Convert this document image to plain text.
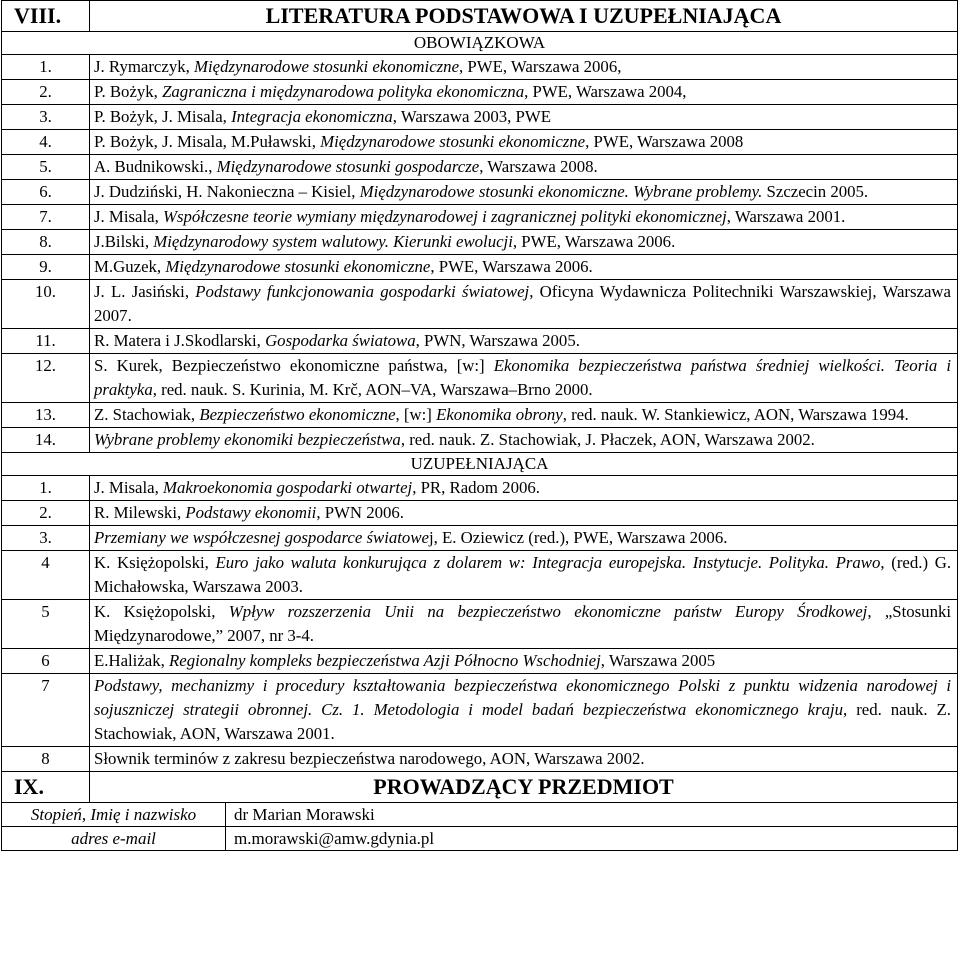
VIII.	LITERATURA PODSTAWOWA I UZUPEŁNIAJĄCA	
OBOWIĄZKOWA		
1.	J. Rymarczyk, Międzynarodowe stosunki ekonomiczne, PWE, Warszawa 2006,	
2.	P. Bożyk, Zagraniczna i międzynarodowa polityka ekonomiczna, PWE, Warszawa 2004,	
3.	P. Bożyk, J. Misala, Integracja ekonomiczna, Warszawa 2003, PWE	
4.	P. Bożyk, J. Misala, M.Puławski, Międzynarodowe stosunki ekonomiczne, PWE, Warszawa 2008	
5.	A. Budnikowski., Międzynarodowe stosunki gospodarcze, Warszawa 2008.	
6.	J. Dudziński, H. Nakonieczna – Kisiel, Międzynarodowe stosunki ekonomiczne. Wybrane problemy. Szczecin 2005.	
7.	J. Misala, Współczesne teorie wymiany międzynarodowej i zagranicznej polityki ekonomicznej, Warszawa 2001.	
8.	J.Bilski, Międzynarodowy system walutowy. Kierunki ewolucji, PWE, Warszawa 2006.	
9.	M.Guzek, Międzynarodowe stosunki ekonomiczne, PWE, Warszawa 2006.	
10.	J. L. Jasiński, Podstawy funkcjonowania gospodarki światowej, Oficyna Wydawnicza Politechniki Warszawskiej, Warszawa 2007.	
11.	R. Matera i J.Skodlarski, Gospodarka światowa, PWN, Warszawa 2005.	
12.	S. Kurek, Bezpieczeństwo ekonomiczne państwa, [w:] Ekonomika bezpieczeństwa państwa średniej wielkości. Teoria i praktyka, red. nauk. S. Kurinia, M. Krč, AON–VA, Warszawa–Brno 2000.	
13.	Z. Stachowiak, Bezpieczeństwo ekonomiczne, [w:] Ekonomika obrony, red. nauk. W. Stankiewicz, AON, Warszawa 1994.	
14.	Wybrane problemy ekonomiki bezpieczeństwa, red. nauk. Z. Stachowiak, J. Płaczek, AON, Warszawa 2002.	
UZUPEŁNIAJĄCA		
1.	J. Misala, Makroekonomia gospodarki otwartej, PR, Radom 2006.	
2.	R. Milewski, Podstawy ekonomii, PWN 2006.	
3.	Przemiany we współczesnej gospodarce światowej, E. Oziewicz (red.), PWE, Warszawa 2006.	
4	K. Księżopolski, Euro jako waluta konkurująca z dolarem w: Integracja europejska. Instytucje. Polityka. Prawo, (red.) G. Michałowska, Warszawa 2003.	
5	K. Księżopolski, Wpływ rozszerzenia Unii na bezpieczeństwo ekonomiczne państw Europy Środkowej, „Stosunki Międzynarodowe,” 2007, nr 3-4.	
6	E.Haliżak, Regionalny kompleks bezpieczeństwa Azji Północno Wschodniej, Warszawa 2005	
7	Podstawy, mechanizmy i procedury kształtowania bezpieczeństwa ekonomicznego Polski z punktu widzenia narodowej i sojuszniczej strategii obronnej. Cz. 1. Metodologia i model badań bezpieczeństwa ekonomicznego kraju, red. nauk. Z. Stachowiak, AON, Warszawa 2001.	
8	Słownik terminów z zakresu bezpieczeństwa narodowego, AON, Warszawa 2002.	
IX.	PROWADZĄCY PRZEDMIOT	
Stopień, Imię i nazwisko		dr Marian Morawski
adres e-mail		m.morawski@amw.gdynia.pl
